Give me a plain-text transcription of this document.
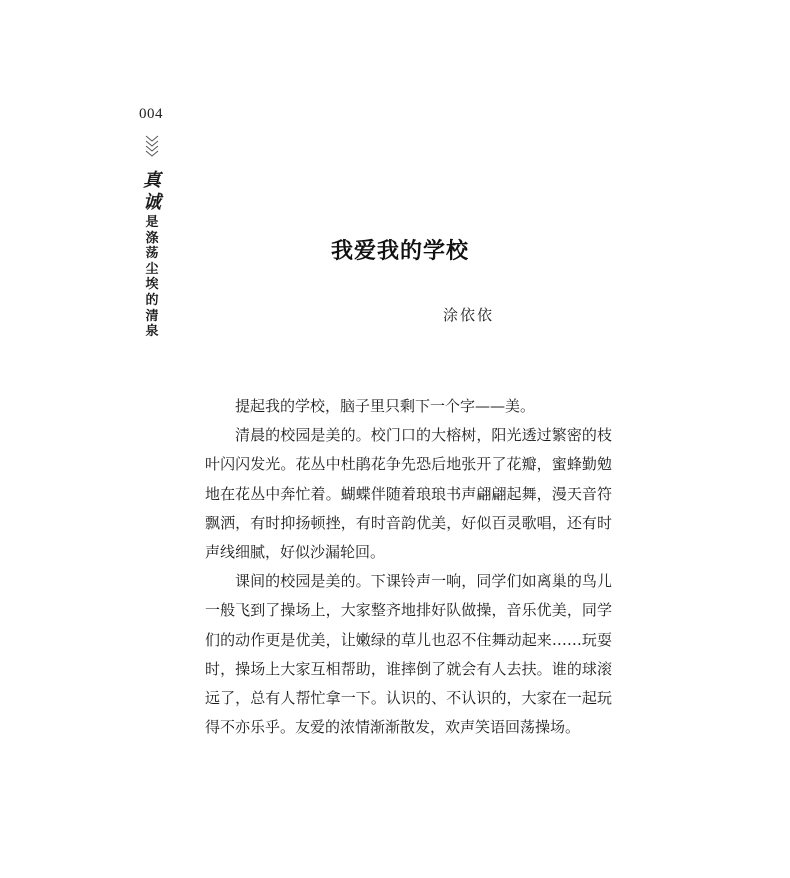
004
真
诚
是
涤
荡
尘
埃
的
清
泉
我爱我的学校
涂依依

提起我的学校，脑子里只剩下一个字——美。

清晨的校园是美的。校门口的大榕树，阳光透过繁密的枝叶闪闪发光。花丛中杜鹃花争先恐后地张开了花瓣，蜜蜂勤勉地在花丛中奔忙着。蝴蝶伴随着琅琅书声翩翩起舞，漫天音符飘洒，有时抑扬顿挫，有时音韵优美，好似百灵歌唱，还有时声线细腻，好似沙漏轮回。

课间的校园是美的。下课铃声一响，同学们如离巢的鸟儿一般飞到了操场上，大家整齐地排好队做操，音乐优美，同学们的动作更是优美，让嫩绿的草儿也忍不住舞动起来……玩耍时，操场上大家互相帮助，谁摔倒了就会有人去扶。谁的球滚远了，总有人帮忙拿一下。认识的、不认识的，大家在一起玩得不亦乐乎。友爱的浓情渐渐散发，欢声笑语回荡操场。
